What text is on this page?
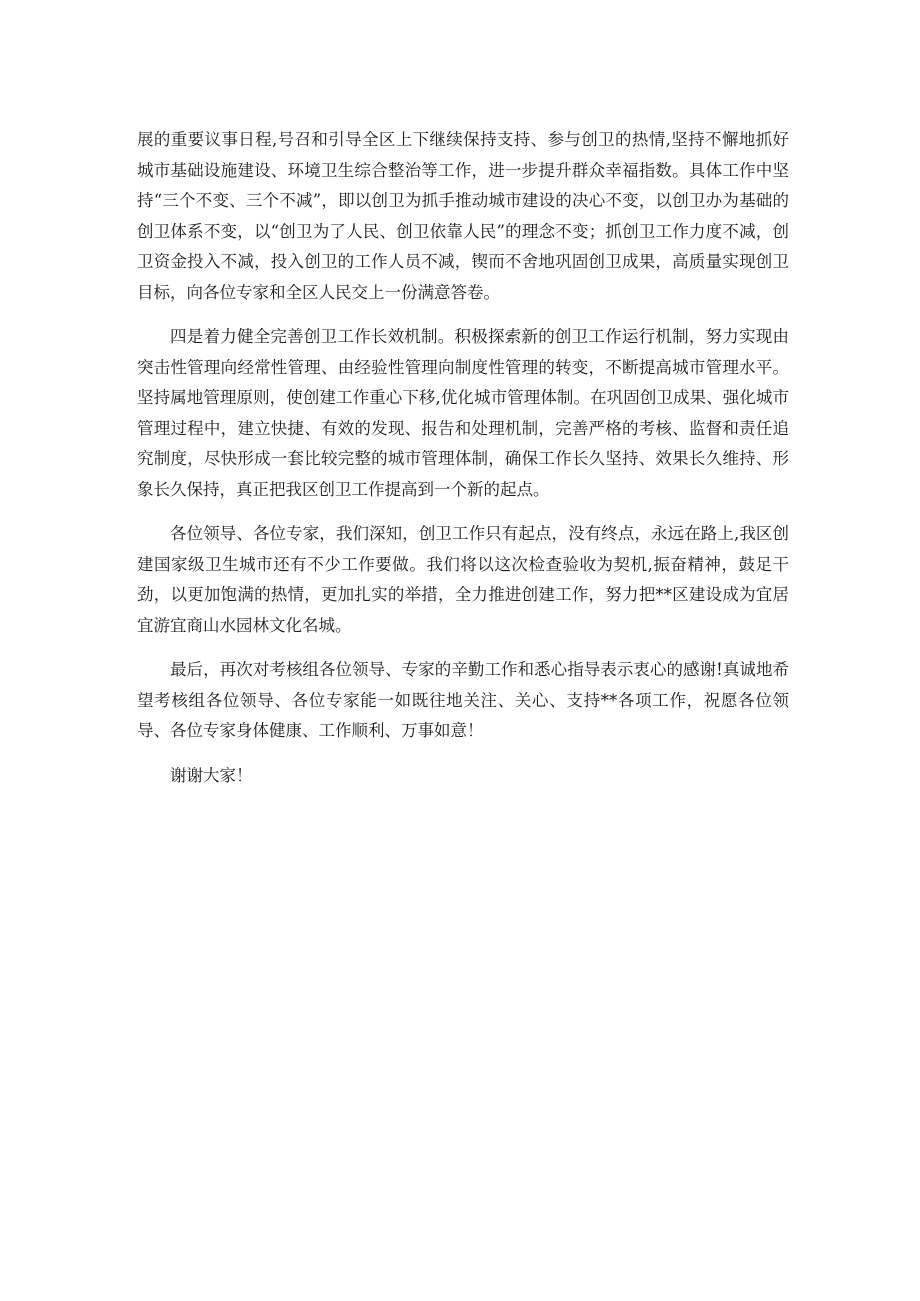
展的重要议事日程,号召和引导全区上下继续保持支持、参与创卫的热情,坚持不懈地抓好城市基础设施建设、环境卫生综合整治等工作，进一步提升群众幸福指数。具体工作中坚持“三个不变、三个不减”，即以创卫为抓手推动城市建设的决心不变，以创卫办为基础的创卫体系不变，以“创卫为了人民、创卫依靠人民”的理念不变；抓创卫工作力度不减，创卫资金投入不减，投入创卫的工作人员不减，锲而不舍地巩固创卫成果，高质量实现创卫目标，向各位专家和全区人民交上一份满意答卷。

四是着力健全完善创卫工作长效机制。积极探索新的创卫工作运行机制，努力实现由突击性管理向经常性管理、由经验性管理向制度性管理的转变，不断提高城市管理水平。坚持属地管理原则，使创建工作重心下移,优化城市管理体制。在巩固创卫成果、强化城市管理过程中，建立快捷、有效的发现、报告和处理机制，完善严格的考核、监督和责任追究制度，尽快形成一套比较完整的城市管理体制，确保工作长久坚持、效果长久维持、形象长久保持，真正把我区创卫工作提高到一个新的起点。

各位领导、各位专家，我们深知，创卫工作只有起点，没有终点，永远在路上,我区创建国家级卫生城市还有不少工作要做。我们将以这次检查验收为契机,振奋精神，鼓足干劲，以更加饱满的热情，更加扎实的举措，全力推进创建工作，努力把**区建设成为宜居宜游宜商山水园林文化名城。

最后，再次对考核组各位领导、专家的辛勤工作和悉心指导表示衷心的感谢!真诚地希望考核组各位领导、各位专家能一如既往地关注、关心、支持**各项工作，祝愿各位领导、各位专家身体健康、工作顺利、万事如意！

谢谢大家！
